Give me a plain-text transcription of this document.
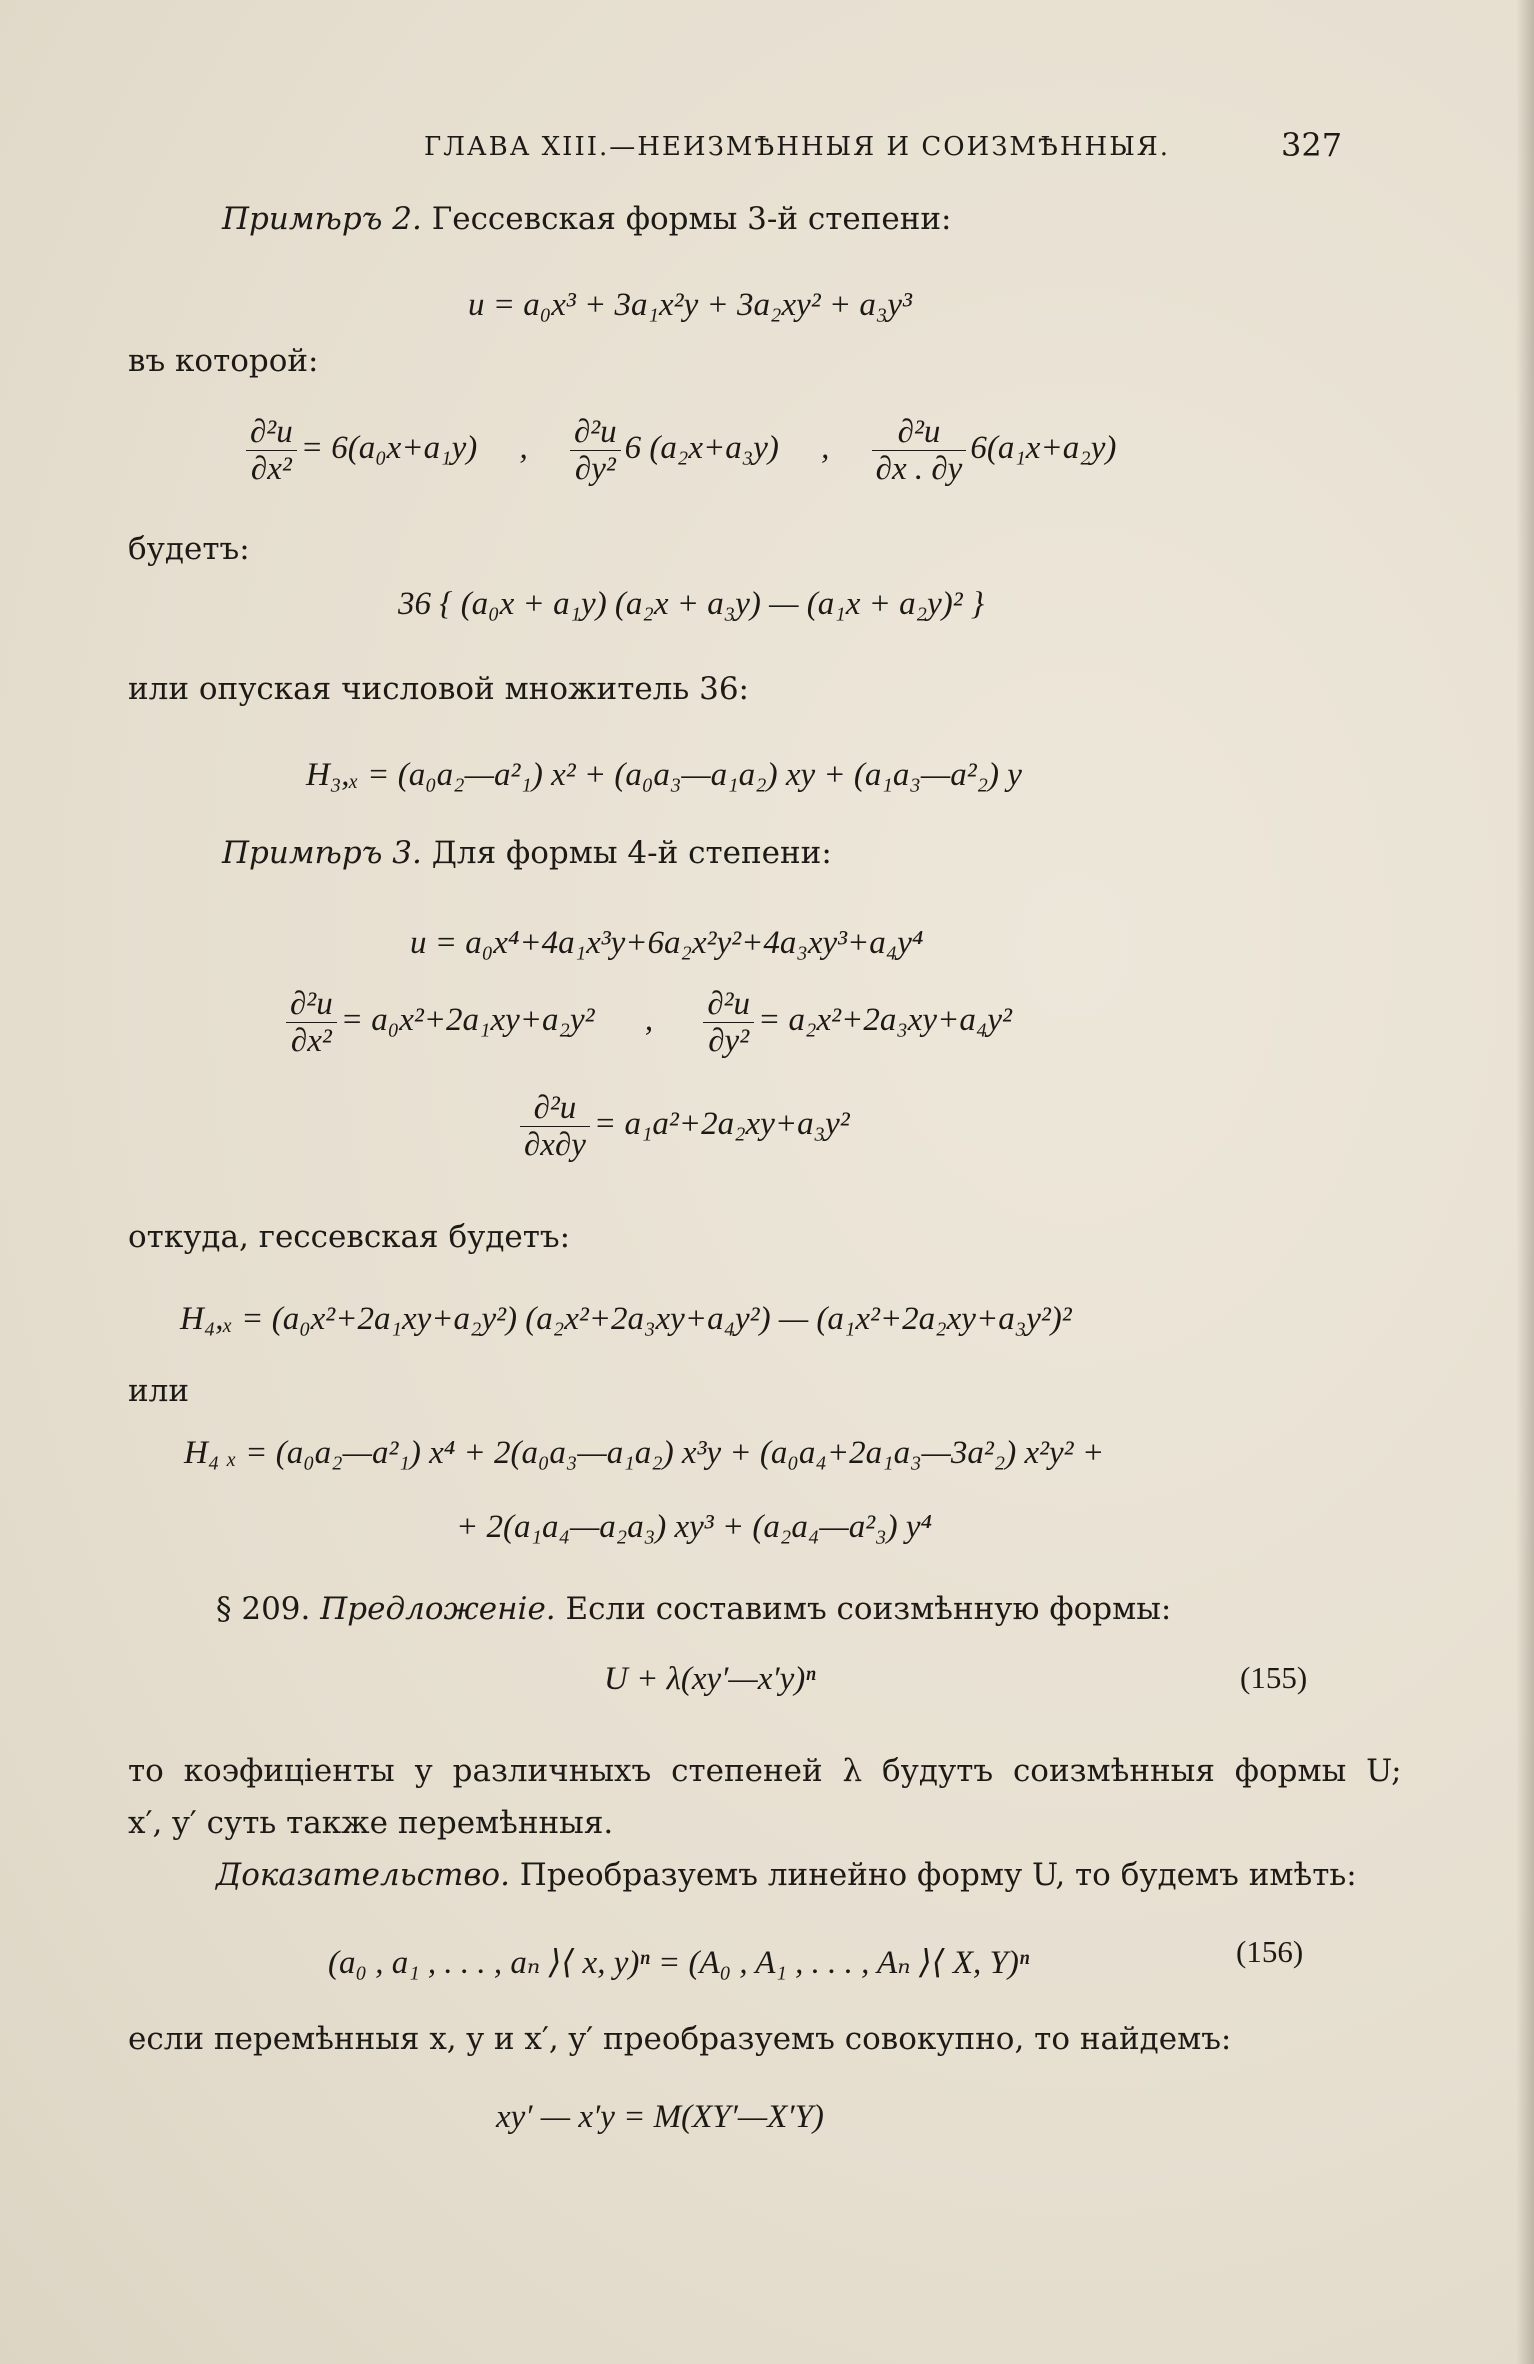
ГЛАВА XIII.—НЕИЗМѢННЫЯ И СОИЗМѢННЫЯ.	327
Примѣръ 2. Гессевская формы 3-й степени:
u = a₀x³ + 3a₁x²y + 3a₂xy² + a₃y³
въ которой:
$\frac{\text{∂²u}}{\text{∂x²}} = 6(a_0x+a_1y)$ , $\frac{\text{∂²u}}{\text{∂y²}} 6$ (a₂x+a₃y) , $\frac{\text{∂²u}}{\partial x . \partial y} 6(a_1x+a_2y)$
будетъ:
36 { (a₀x + a₁y) (a₂x + a₃y) — (a₁x + a₂y)² }
или опуская числовой множитель 36:
H₃,ₓ = (a₀a₂—a²₁) x² + (a₀a₃—a₁a₂) xy + (a₁a₃—a²₂) y
Примѣръ 3. Для формы 4-й степени:
u = a₀x⁴+4a₁x³y+6a₂x²y²+4a₃xy³+a₄y⁴
$\frac{\text{∂²u}}{\text{∂x²}} = a_0x^2+2a_1xy+a_2y^2$ , $\frac{\text{∂²u}}{\text{∂y²}} = a_2x^2+2a_3xy+a_4y^2$
$\frac{\text{∂²u}}{\partial x\partial y} = a_1a^2+2a_2xy+a_3y^2$
откуда, гессевская будетъ:
H₄,ₓ = (a₀x²+2a₁xy+a₂y²) (a₂x²+2a₃xy+a₄y²) — (a₁x²+2a₂xy+a₃y²)²
или
H₄ ₓ = (a₀a₂—a²₁) x⁴ + 2(a₀a₃—a₁a₂) x³y + (a₀a₄+2a₁a₃—3a²₂) x²y² +
+ 2(a₁a₄—a₂a₃) xy³ + (a₂a₄—a²₃) y⁴
§ 209. Предложеніе. Если составимъ соизмѣнную формы:
U + λ(xy′—x′y)ⁿ	(155)
то коэфиціенты у различныхъ степеней λ будутъ соизмѣнныя формы U;
x′, y′ суть также перемѣнныя.
Доказательство. Преобразуемъ линейно форму U, то будемъ имѣть:
(a₀ , a₁ , . . . , aₙ ⟩⟨ x, y)ⁿ = (A₀ , A₁ , . . . , Aₙ ⟩⟨ X, Y)ⁿ	(156)
если перемѣнныя x, y и x′, y′ преобразуемъ совокупно, то найдемъ:
xy′ — x′y = M(XY′—X′Y)
